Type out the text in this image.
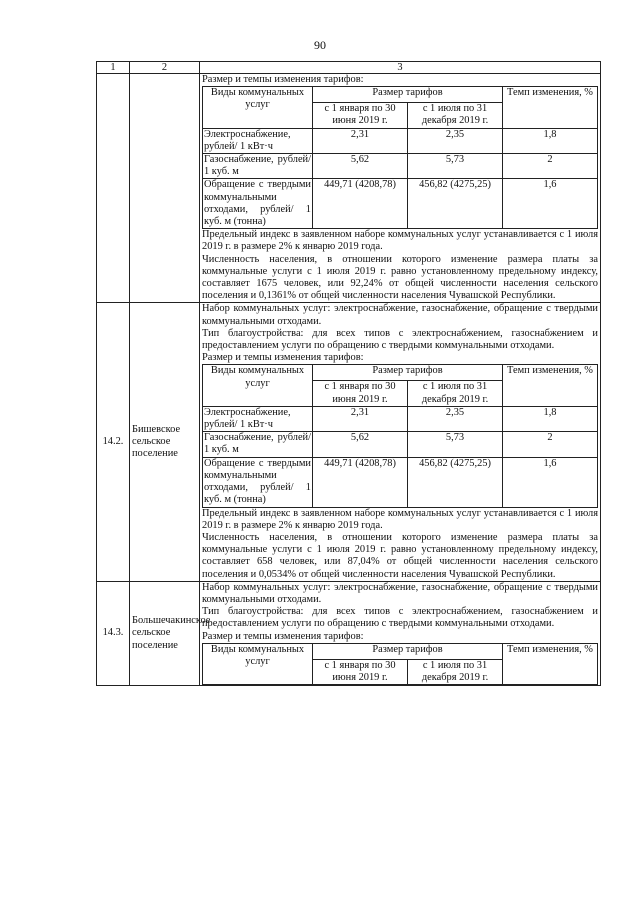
90
1	2	3

Размер и темпы изменения тарифов:

Виды коммунальных услуг	Размер тарифов	Темп изменения, %
с 1 января по 30 июня 2019 г.	с 1 июля по 31 декабря 2019 г.
Электроснабжение, рублей/ 1 кВт·ч	2,31	2,35	1,8
Газоснабжение, рублей/ 1 куб. м	5,62	5,73	2
Обращение с твердыми коммунальными отходами, рублей/ 1 куб. м (тонна)	449,71 (4208,78)	456,82 (4275,25)	1,6

Предельный индекс в заявленном наборе коммунальных услуг устанавливается с 1 июля 2019 г. в размере 2% к январю 2019 года.

Численность населения, в отношении которого изменение размера платы за коммунальные услуги с 1 июля 2019 г. равно установленному предельному индексу, составляет 1675 человек, или 92,24% от общей численности населения сельского поселения и 0,1361% от общей численности населения Чувашской Республики.

14.2.	Бишевское сельское поселение	

Набор коммунальных услуг: электроснабжение, газоснабжение, обращение с твердыми коммунальными отходами.

Тип благоустройства: для всех типов с электроснабжением, газоснабжением и предоставлением услуги по обращению с твердыми коммунальными отходами.

Размер и темпы изменения тарифов:

Виды коммунальных услуг	Размер тарифов	Темп изменения, %
с 1 января по 30 июня 2019 г.	с 1 июля по 31 декабря 2019 г.
Электроснабжение, рублей/ 1 кВт·ч	2,31	2,35	1,8
Газоснабжение, рублей/ 1 куб. м	5,62	5,73	2
Обращение с твердыми коммунальными отходами, рублей/ 1 куб. м (тонна)	449,71 (4208,78)	456,82 (4275,25)	1,6

Предельный индекс в заявленном наборе коммунальных услуг устанавливается с 1 июля 2019 г. в размере 2% к январю 2019 года.

Численность населения, в отношении которого изменение размера платы за коммунальные услуги с 1 июля 2019 г. равно установленному предельному индексу, составляет 658 человек, или 87,04% от общей численности населения сельского поселения и 0,0534% от общей численности населения Чувашской Республики.

14.3.	Большечакинское сельское поселение	

Набор коммунальных услуг: электроснабжение, газоснабжение, обращение с твердыми коммунальными отходами.

Тип благоустройства: для всех типов с электроснабжением, газоснабжением и предоставлением услуги по обращению с твердыми коммунальными отходами.

Размер и темпы изменения тарифов:

Виды коммунальных услуг	Размер тарифов	Темп изменения, %
с 1 января по 30 июня 2019 г.	с 1 июля по 31 декабря 2019 г.
